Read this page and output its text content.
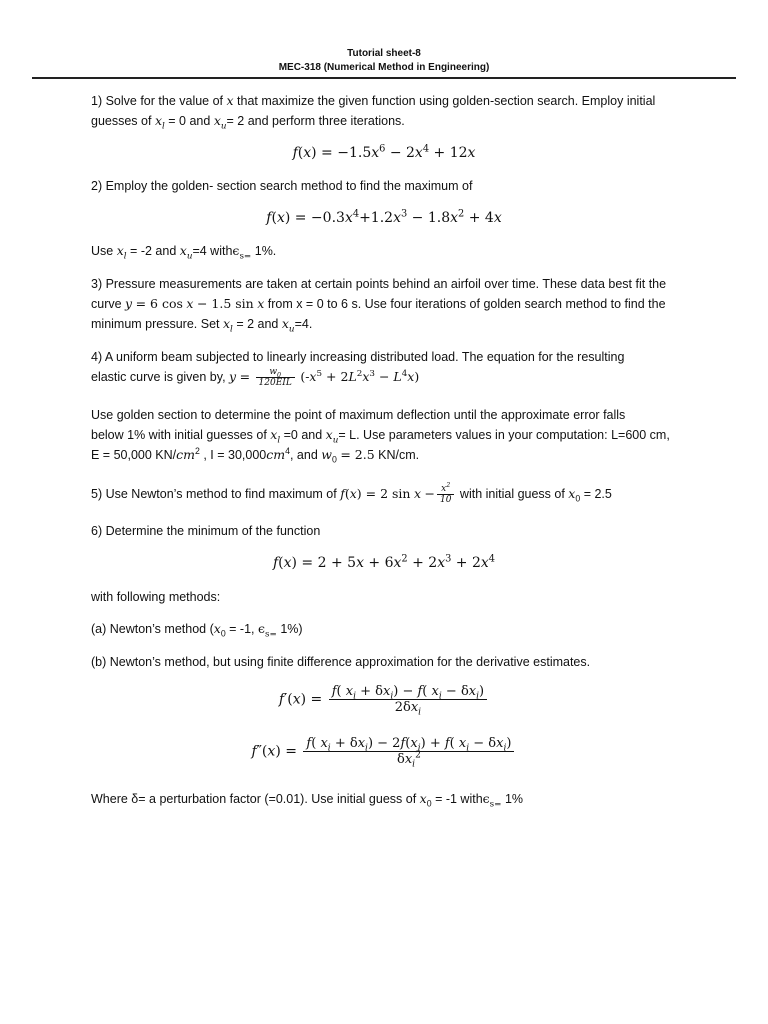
Tutorial sheet-8
MEC-318 (Numerical Method in Engineering)
1) Solve for the value of x that maximize the given function using golden-section search. Employ initial
guesses of $x_l = 0$ and $x_u= 2$ and perform three iterations.
$f(x) = -1.5x^6 - 2x^4 + 12x$
2) Employ the golden- section search method to find the maximum of
$f(x) = -0.3x^4+1.2x^3 - 1.8x^2 + 4x$
Use $x_l = -2$ and $x_u=4$ withϵ$_{s=}$ 1%.
3) Pressure measurements are taken at certain points behind an airfoil over time. These data best fit the
curve y = 6 cos x − 1.5 sin x from x = 0 to 6 s. Use four iterations of golden search method to find the
minimum pressure. Set $x_l = 2$ and $x_u=4$.
4) A uniform beam subjected to linearly increasing distributed load. The equation for the resulting
elastic curve is given by, $y = \frac{w_0}{\text{120EIL}} (-x^5 + 2L^2x^3 - L^4x)$
Use golden section to determine the point of maximum deflection until the approximate error falls
below 1% with initial guesses of $x_l =0$ and $x_u= L$. Use parameters values in your computation: L=600 cm,
E = 50,000 $KN/cm^2$ , $I = 30,000cm^4$, and $w_0 = 2.5$ KN/cm.
5) Use Newton’s method to find maximum of f(x) = 2 $\sin x - \frac{x^2}{10}$ with initial guess of $x_0 = 2.5$
6) Determine the minimum of the function
$f(x) = 2 + 5x + 6x^2 + 2x^3 + 2x^4$
with following methods:
(a) Newton’s method ($x_0 = -1$, $\epsilon_{s=}$ 1%)
(b) Newton’s method, but using finite difference approximation for the derivative estimates.
$f'(x) = \frac{f( x_i + \delta x_i) - f( x_i - \delta x_i)}{2\delta x_i}$
$f''(x) = \frac{f( x_i + \delta x_i) - 2f(x_i) + f( x_i - \delta x_i)}{\delta x_i^2}$
Where δ= a perturbation factor (=0.01). Use initial guess of $x_0 = -1$ withϵ$_{s=}$ 1%
